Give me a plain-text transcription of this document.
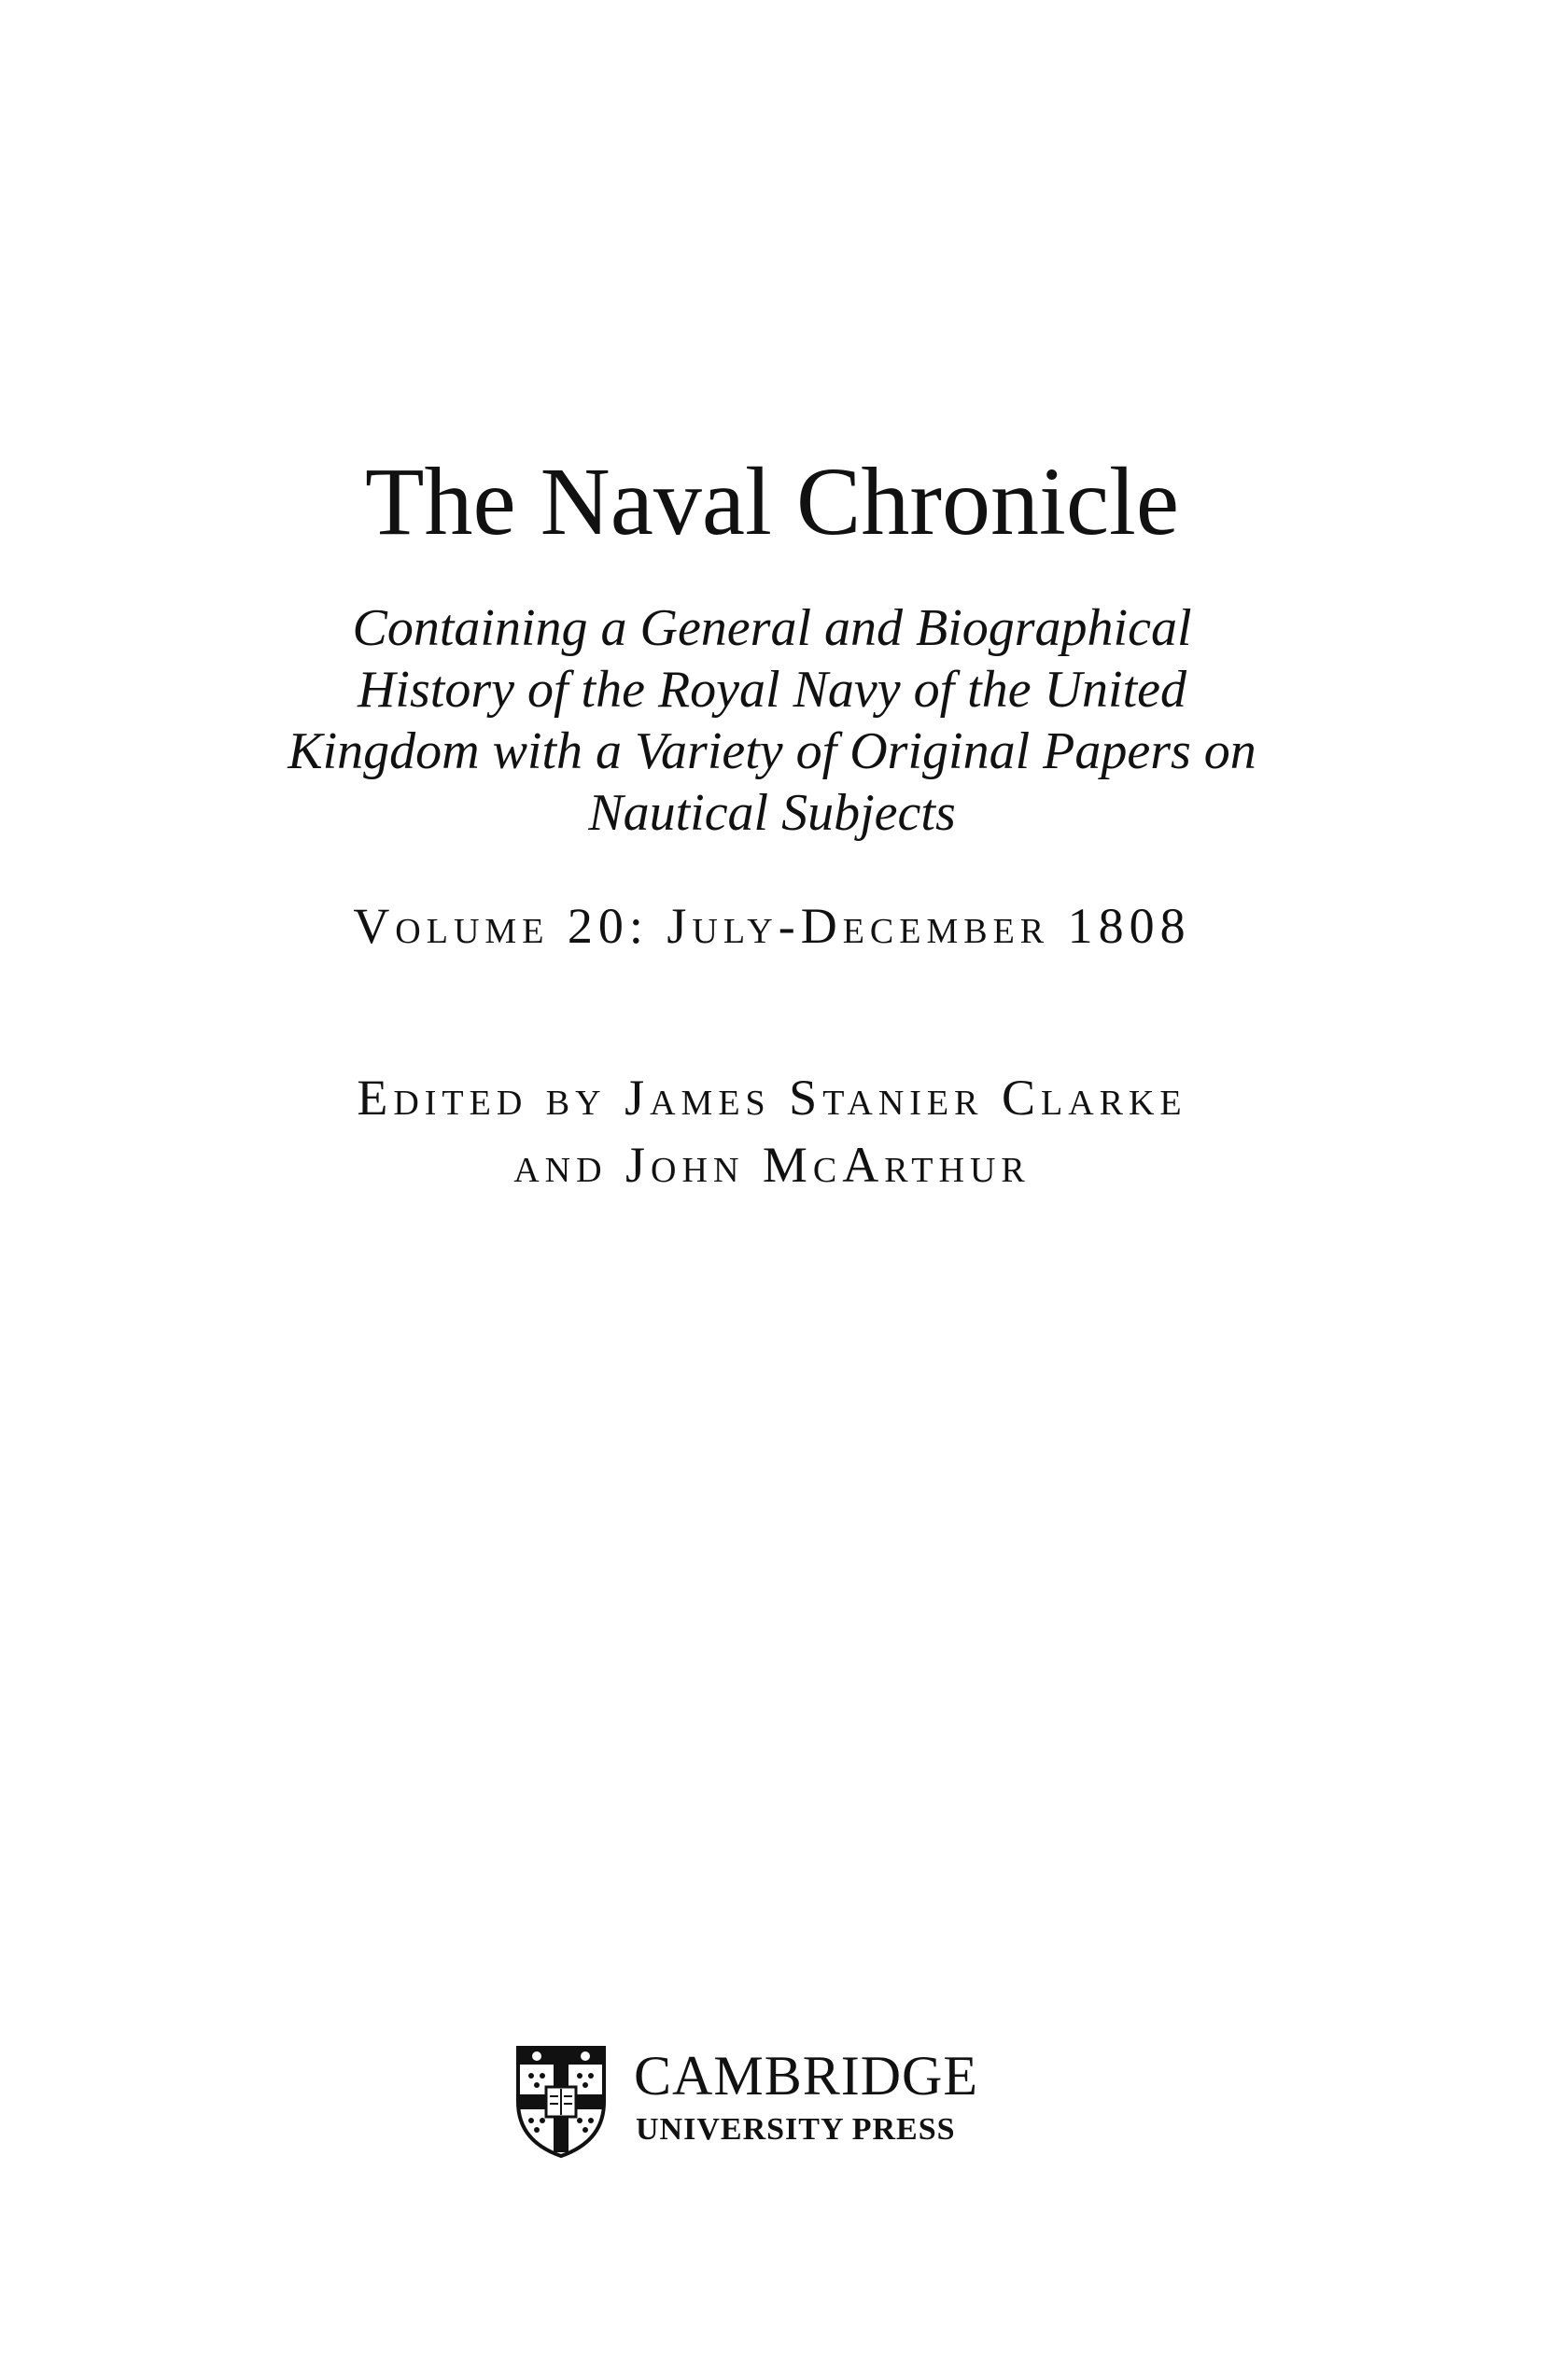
The Naval Chronicle
Containing a General and Biographical
History of the Royal Navy of the United
Kingdom with a Variety of Original Papers on
Nautical Subjects
Volume 20: July-December 1808
Edited by James Stanier Clarke
and John McArthur
CAMBRIDGE
UNIVERSITY PRESS
